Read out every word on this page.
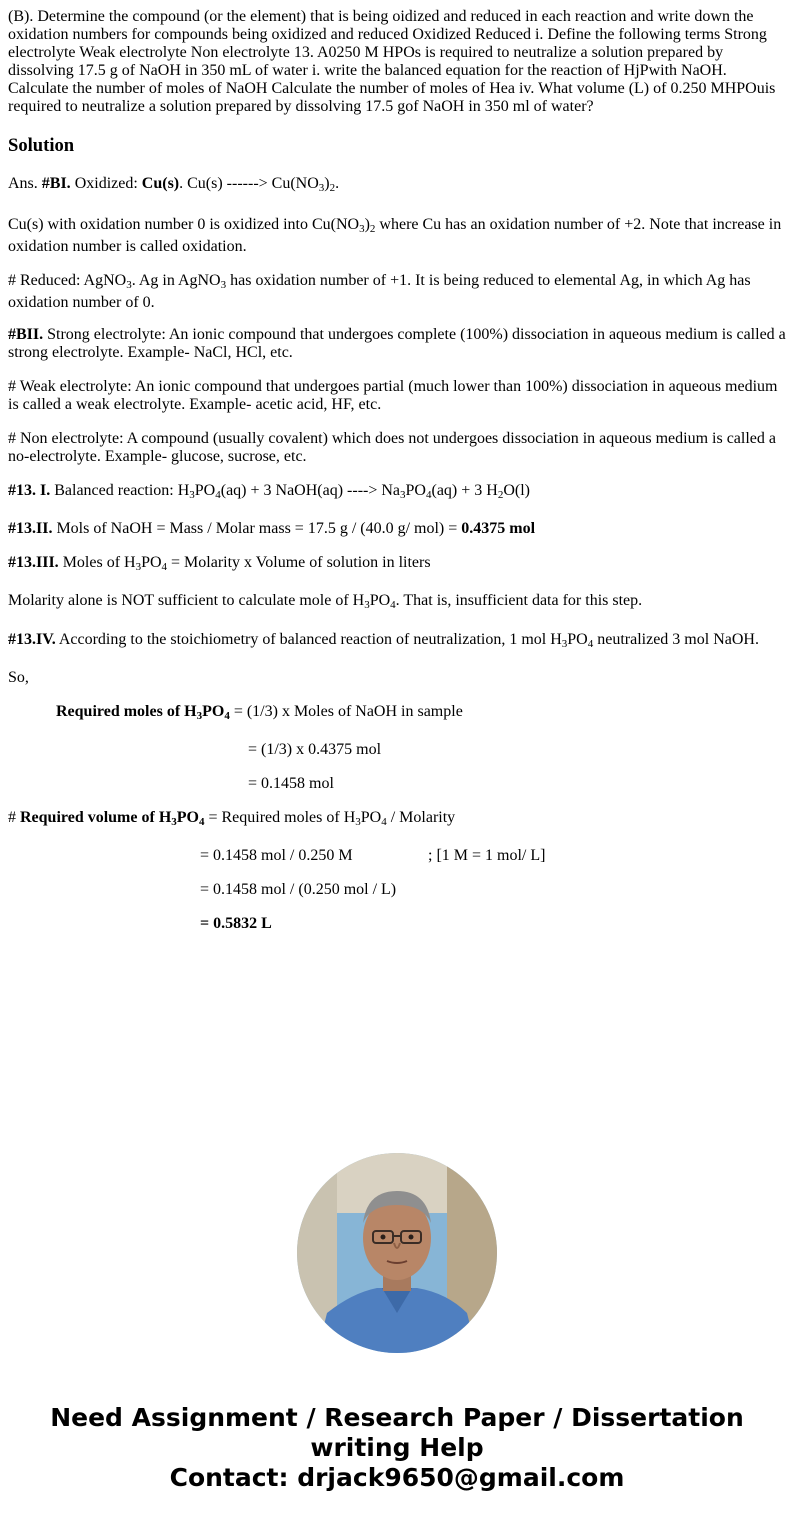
(B). Determine the compound (or the element) that is being oidized and reduced in each reaction and write down the oxidation numbers for compounds being oxidized and reduced Oxidized Reduced i. Define the following terms Strong electrolyte Weak electrolyte Non electrolyte 13. A0250 M HPOs is required to neutralize a solution prepared by dissolving 17.5 g of NaOH in 350 mL of water i. write the balanced equation for the reaction of HjPwith NaOH. Calculate the number of moles of NaOH Calculate the number of moles of Hea iv. What volume (L) of 0.250 MHPOuis required to neutralize a solution prepared by dissolving 17.5 gof NaOH in 350 ml of water?

Solution

Ans. #BI. Oxidized: Cu(s). Cu(s) ------> $Cu(NO_3)_2$.

Cu(s) with oxidation number 0 is oxidized into $Cu(NO_3)_2$ where Cu has an oxidation number of +2. Note that increase in oxidation number is called oxidation.

# Reduced: AgNO$_3$. Ag in AgNO$_3$ has oxidation number of +1. It is being reduced to elemental Ag, in which Ag has oxidation number of 0.

#BII. Strong electrolyte: An ionic compound that undergoes complete (100%) dissociation in aqueous medium is called a strong electrolyte. Example- NaCl, HCl, etc.

# Weak electrolyte: An ionic compound that undergoes partial (much lower than 100%) dissociation in aqueous medium is called a weak electrolyte. Example- acetic acid, HF, etc.

# Non electrolyte: A compound (usually covalent) which does not undergoes dissociation in aqueous medium is called a no-electrolyte. Example- glucose, sucrose, etc.

#13. I. Balanced reaction: $H_3PO_4(aq) + 3$ NaOH(aq) ----> $Na_3PO_4(aq) + 3$ $H_2O(l)$

#13.II. Mols of NaOH = Mass / Molar mass = 17.5 g / (40.0 g/ mol) = 0.4375 mol

#13.III. Moles of $H_3PO_4$ = Molarity x Volume of solution in liters

Molarity alone is NOT sufficient to calculate mole of $H_3PO_4$. That is, insufficient data for this step.

#13.IV. According to the stoichiometry of balanced reaction of neutralization, 1 mol $H_3PO_4$ neutralized 3 mol NaOH.

So,

Required moles of $H_3PO_4 = (1/3)$ x Moles of NaOH in sample

= (1/3) x 0.4375 mol

= 0.1458 mol

# Required volume of $H_3PO_4$ = Required moles of $H_3PO_4$ / Molarity

= 0.1458 mol / 0.250 M	; [1 M = 1 mol/ L]

= 0.1458 mol / (0.250 mol / L)

= 0.5832 L

Need Assignment / Research Paper / Dissertation
writing Help
Contact: drjack9650@gmail.com
